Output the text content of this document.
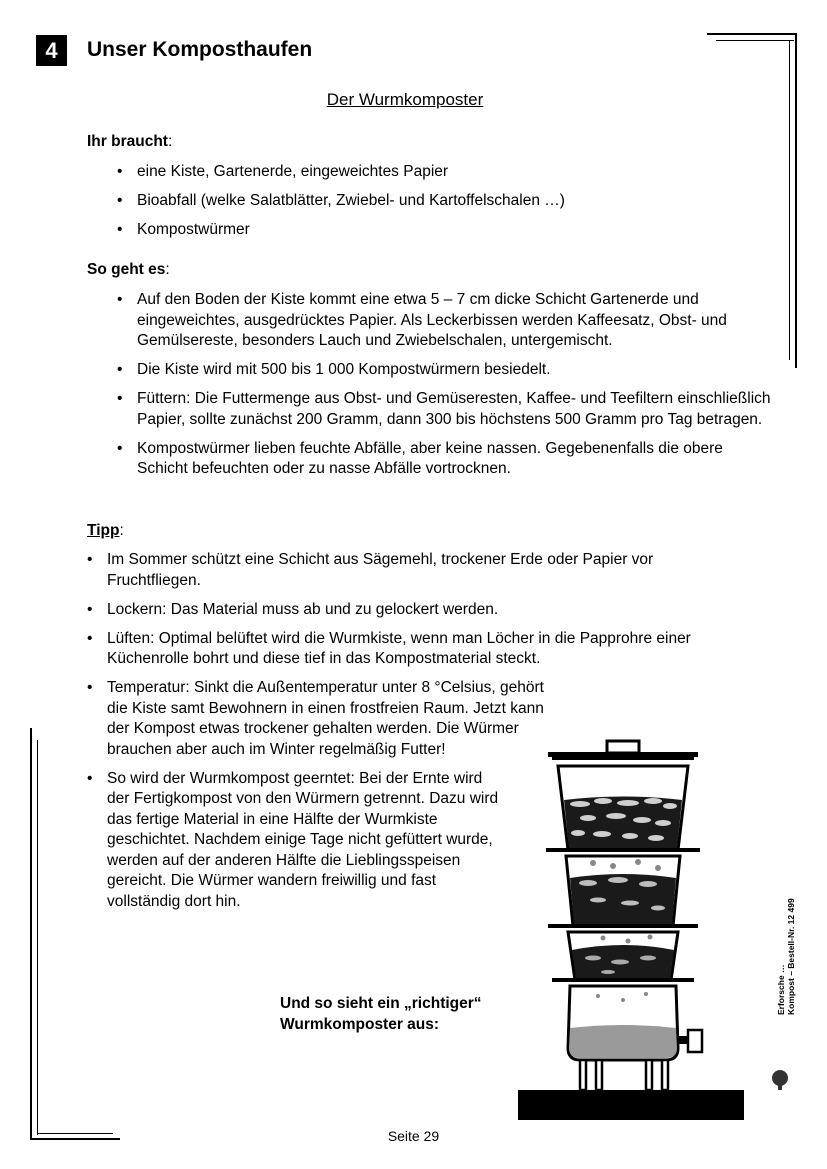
4	Unser Komposthaufen
Der Wurmkomposter
Ihr braucht:
• eine Kiste, Gartenerde, eingeweichtes Papier
• Bioabfall (welke Salatblätter, Zwiebel- und Kartoffelschalen …)
• Kompostwürmer
So geht es:
• Auf den Boden der Kiste kommt eine etwa 5 – 7 cm dicke Schicht Gartenerde und eingeweichtes, ausgedrücktes Papier. Als Leckerbissen werden Kaffeesatz, Obst- und Gemülsereste, besonders Lauch und Zwiebelschalen, untergemischt.
• Die Kiste wird mit 500 bis 1 000 Kompostwürmern besiedelt.
• Füttern: Die Futtermenge aus Obst- und Gemüseresten, Kaffee- und Teefiltern einschließlich Papier, sollte zunächst 200 Gramm, dann 300 bis höchstens 500 Gramm pro Tag betragen.
• Kompostwürmer lieben feuchte Abfälle, aber keine nassen. Gegebenenfalls die obere Schicht befeuchten oder zu nasse Abfälle vortrocknen.
Tipp:
• Im Sommer schützt eine Schicht aus Sägemehl, trockener Erde oder Papier vor Fruchtfliegen.
• Lockern: Das Material muss ab und zu gelockert werden.
• Lüften: Optimal belüftet wird die Wurmkiste, wenn man Löcher in die Papprohre einer Küchenrolle bohrt und diese tief in das Kompostmaterial steckt.
• Temperatur: Sinkt die Außentemperatur unter 8 °Celsius, gehört die Kiste samt Bewohnern in einen frostfreien Raum. Jetzt kann der Kompost etwas trockener gehalten werden. Die Würmer brauchen aber auch im Winter regelmäßig Futter!
• So wird der Wurmkompost geerntet: Bei der Ernte wird der Fertigkompost von den Würmern getrennt. Dazu wird das fertige Material in eine Hälfte der Wurmkiste geschichtet. Nachdem einige Tage nicht gefüttert wurde, werden auf der anderen Hälfte die Lieblingsspeisen gereicht. Die Würmer wandern freiwillig und fast vollständig dort hin.
Und so sieht ein „richtiger“
Wurmkomposter aus:
Erforsche … Kompost – Bestell-Nr. 12 499
Seite 29
